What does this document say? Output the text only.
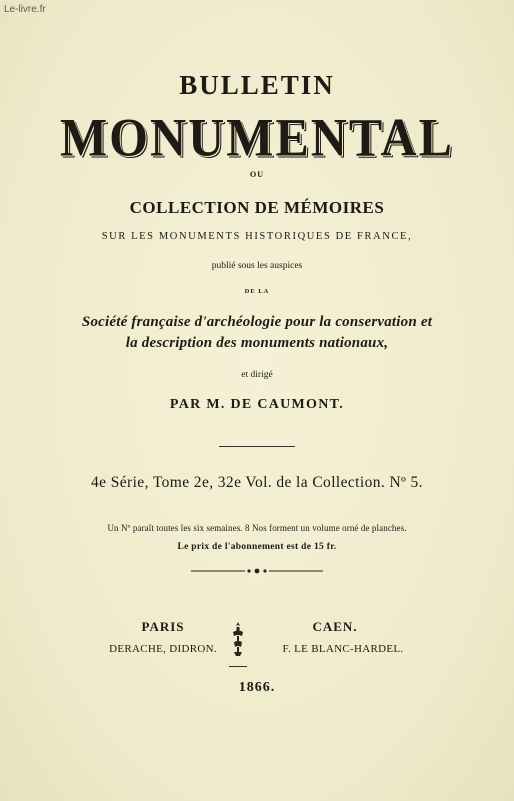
Le-livre.fr
BULLETIN
MONUMENTAL
OU
COLLECTION DE MÉMOIRES
SUR LES MONUMENTS HISTORIQUES DE FRANCE,
publié sous les auspices
DE LA
Société française d'archéologie pour la conservation et
la description des monuments nationaux,
et dirigé
PAR M. DE CAUMONT.
4e Série, Tome 2e, 32e Vol. de la Collection. Nº 5.
Un Nº paraît toutes les six semaines. 8 Nos forment un volume orné de planches.
Le prix de l'abonnement est de 15 fr.
PARIS
DERACHE, DIDRON.
CAEN.
F. LE BLANC-HARDEL.
1866.
